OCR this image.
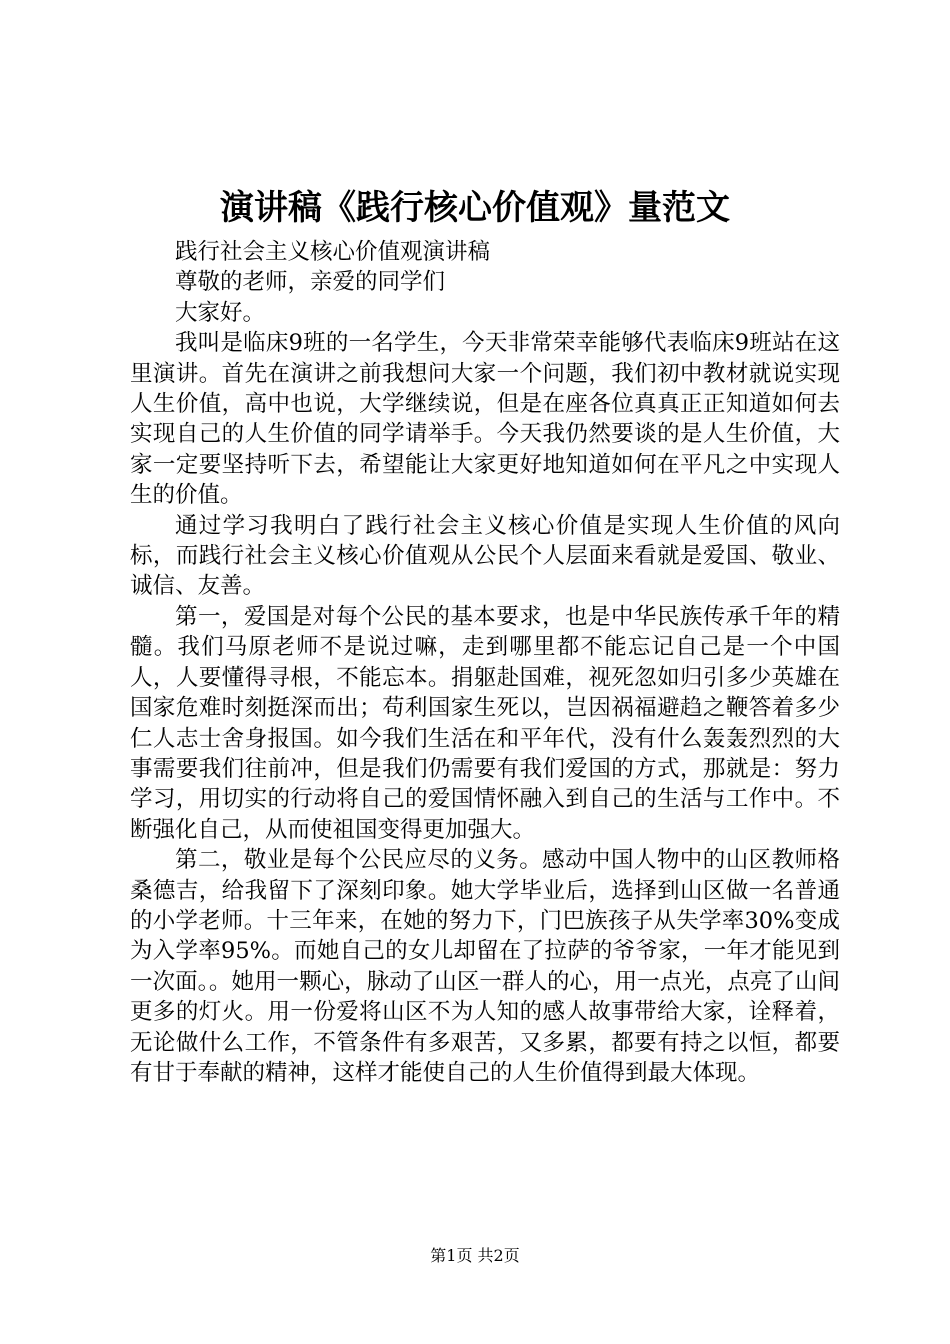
演讲稿《践行核心价值观》量范文

践行社会主义核心价值观演讲稿

尊敬的老师，亲爱的同学们

大家好。

我叫是临床9班的一名学生，今天非常荣幸能够代表临床9班站在这里演讲。首先在演讲之前我想问大家一个问题，我们初中教材就说实现人生价值，高中也说，大学继续说，但是在座各位真真正正知道如何去实现自己的人生价值的同学请举手。今天我仍然要谈的是人生价值，大家一定要坚持听下去，希望能让大家更好地知道如何在平凡之中实现人生的价值。

通过学习我明白了践行社会主义核心价值是实现人生价值的风向标，而践行社会主义核心价值观从公民个人层面来看就是爱国、敬业、诚信、友善。

第一，爱国是对每个公民的基本要求，也是中华民族传承千年的精髓。我们马原老师不是说过嘛，走到哪里都不能忘记自己是一个中国人，人要懂得寻根，不能忘本。捐躯赴国难，视死忽如归引多少英雄在国家危难时刻挺深而出；苟利国家生死以，岂因祸福避趋之鞭答着多少仁人志士舍身报国。如今我们生活在和平年代，没有什么轰轰烈烈的大事需要我们往前冲，但是我们仍需要有我们爱国的方式，那就是：努力学习，用切实的行动将自己的爱国情怀融入到自己的生活与工作中。不断强化自己，从而使祖国变得更加强大。

第二，敬业是每个公民应尽的义务。感动中国人物中的山区教师格桑德吉，给我留下了深刻印象。她大学毕业后，选择到山区做一名普通的小学老师。十三年来，在她的努力下，门巴族孩子从失学率30%变成为入学率95%。而她自己的女儿却留在了拉萨的爷爷家，一年才能见到一次面。。她用一颗心，脉动了山区一群人的心，用一点光，点亮了山间更多的灯火。用一份爱将山区不为人知的感人故事带给大家，诠释着，无论做什么工作，不管条件有多艰苦，又多累，都要有持之以恒，都要有甘于奉献的精神，这样才能使自己的人生价值得到最大体现。

第1页 共2页
